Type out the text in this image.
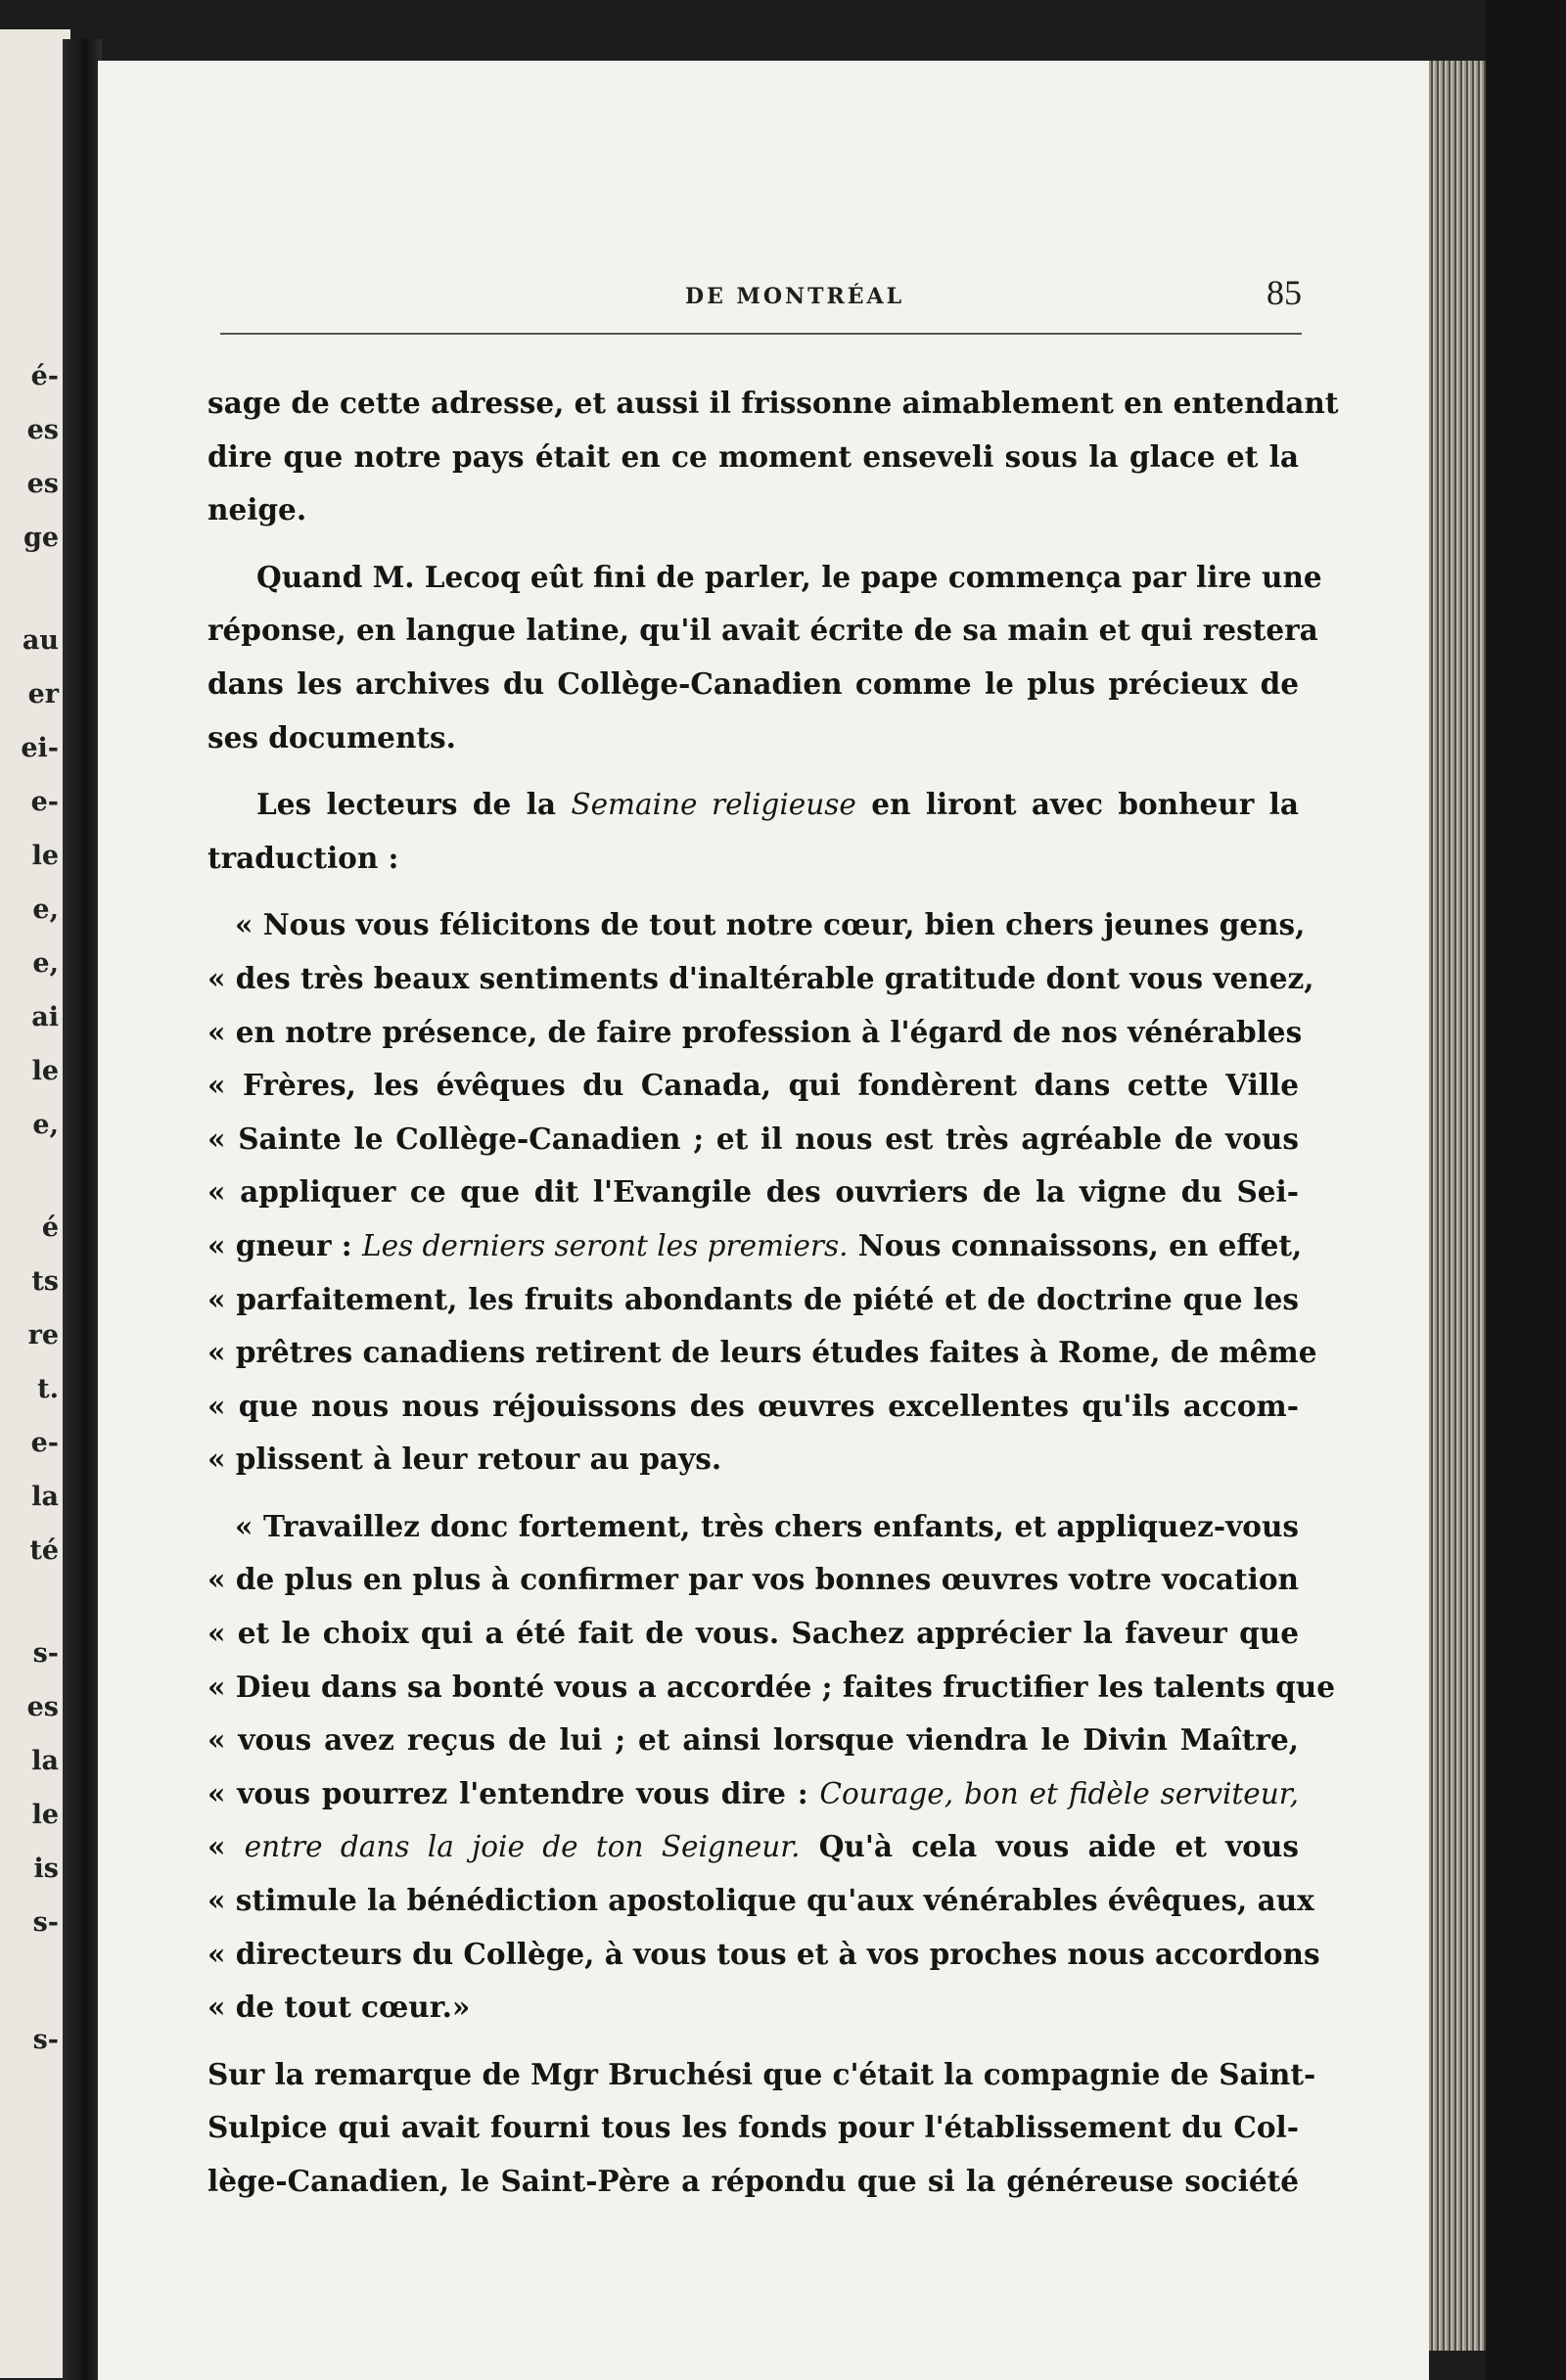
DE MONTRÉAL	85
sage de cette adresse, et aussi il frissonne aimablement en entendant
dire que notre pays était en ce moment enseveli sous la glace et la
neige.
Quand M. Lecoq eût fini de parler, le pape commença par lire une
réponse, en langue latine, qu'il avait écrite de sa main et qui restera
dans les archives du Collège-Canadien comme le plus précieux de
ses documents.
Les lecteurs de la Semaine religieuse en liront avec bonheur la
traduction :
« Nous vous félicitons de tout notre cœur, bien chers jeunes gens,
« des très beaux sentiments d'inaltérable gratitude dont vous venez,
« en notre présence, de faire profession à l'égard de nos vénérables
« Frères, les évêques du Canada, qui fondèrent dans cette Ville
« Sainte le Collège-Canadien ; et il nous est très agréable de vous
« appliquer ce que dit l'Evangile des ouvriers de la vigne du Sei-
« gneur : Les derniers seront les premiers. Nous connaissons, en effet,
« parfaitement, les fruits abondants de piété et de doctrine que les
« prêtres canadiens retirent de leurs études faites à Rome, de même
« que nous nous réjouissons des œuvres excellentes qu'ils accom-
« plissent à leur retour au pays.
« Travaillez donc fortement, très chers enfants, et appliquez-vous
« de plus en plus à confirmer par vos bonnes œuvres votre vocation
« et le choix qui a été fait de vous. Sachez apprécier la faveur que
« Dieu dans sa bonté vous a accordée ; faites fructifier les talents que
« vous avez reçus de lui ; et ainsi lorsque viendra le Divin Maître,
« vous pourrez l'entendre vous dire : Courage, bon et fidèle serviteur,
« entre dans la joie de ton Seigneur. Qu'à cela vous aide et vous
« stimule la bénédiction apostolique qu'aux vénérables évêques, aux
« directeurs du Collège, à vous tous et à vos proches nous accordons
« de tout cœur.»
Sur la remarque de Mgr Bruchési que c'était la compagnie de Saint-
Sulpice qui avait fourni tous les fonds pour l'établissement du Col-
lège-Canadien, le Saint-Père a répondu que si la généreuse société
